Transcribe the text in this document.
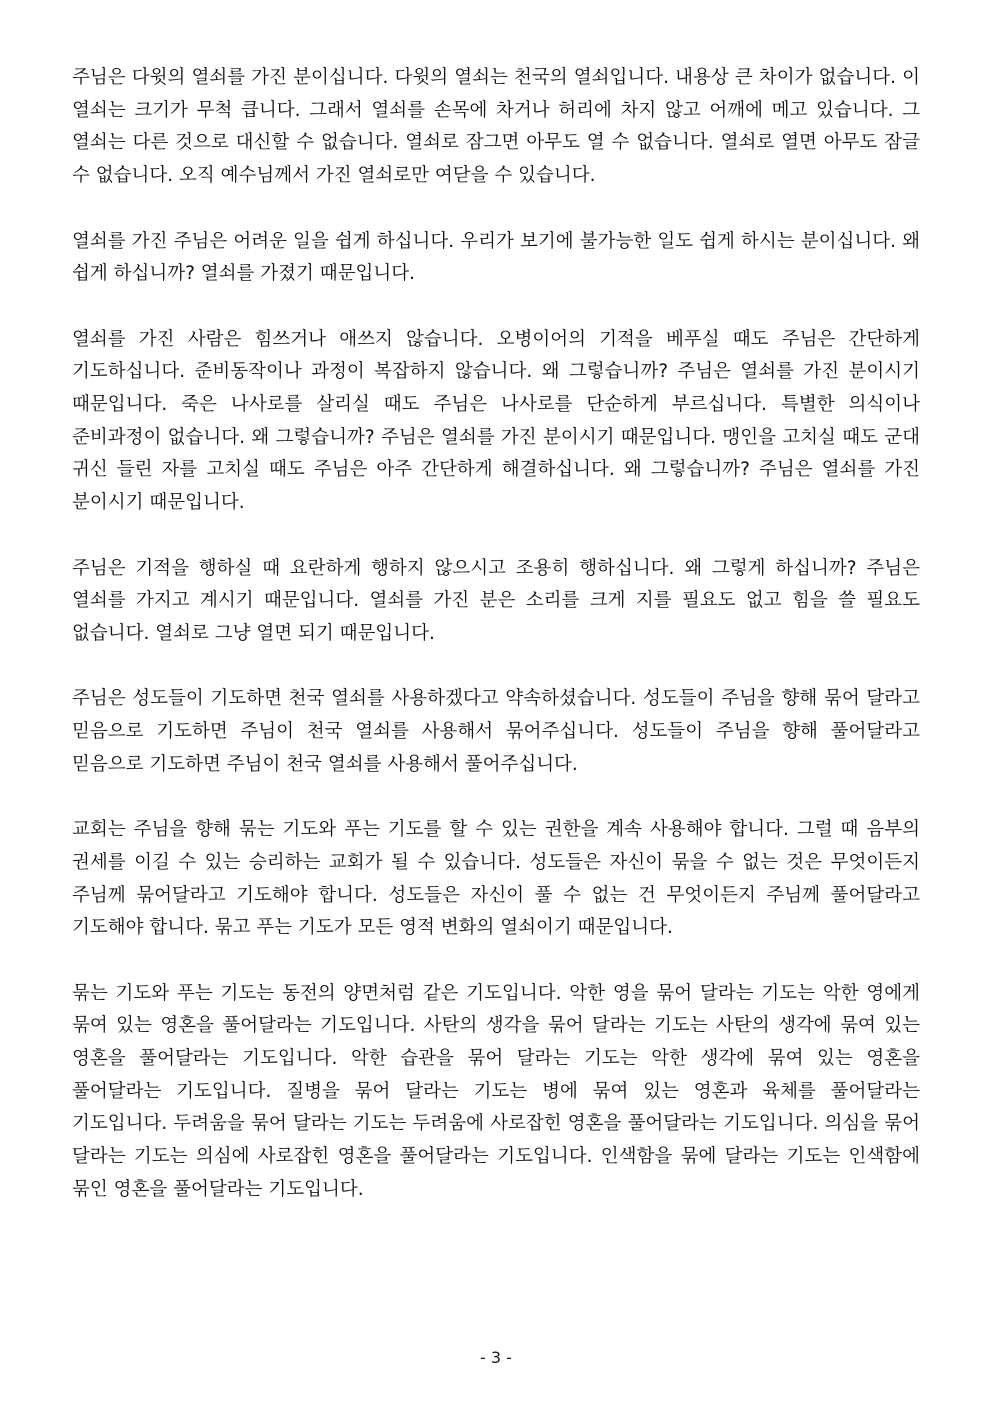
주님은 다윗의 열쇠를 가진 분이십니다. 다윗의 열쇠는 천국의 열쇠입니다. 내용상 큰 차이가 없습니다. 이 열쇠는 크기가 무척 큽니다. 그래서 열쇠를 손목에 차거나 허리에 차지 않고 어깨에 메고 있습니다. 그 열쇠는 다른 것으로 대신할 수 없습니다. 열쇠로 잠그면 아무도 열 수 없습니다. 열쇠로 열면 아무도 잠글 수 없습니다. 오직 예수님께서 가진 열쇠로만 여닫을 수 있습니다.

열쇠를 가진 주님은 어려운 일을 쉽게 하십니다. 우리가 보기에 불가능한 일도 쉽게 하시는 분이십니다. 왜 쉽게 하십니까? 열쇠를 가졌기 때문입니다.

열쇠를 가진 사람은 힘쓰거나 애쓰지 않습니다. 오병이어의 기적을 베푸실 때도 주님은 간단하게 기도하십니다. 준비동작이나 과정이 복잡하지 않습니다. 왜 그렇습니까? 주님은 열쇠를 가진 분이시기 때문입니다. 죽은 나사로를 살리실 때도 주님은 나사로를 단순하게 부르십니다. 특별한 의식이나 준비과정이 없습니다. 왜 그렇습니까? 주님은 열쇠를 가진 분이시기 때문입니다. 맹인을 고치실 때도 군대 귀신 들린 자를 고치실 때도 주님은 아주 간단하게 해결하십니다. 왜 그렇습니까? 주님은 열쇠를 가진 분이시기 때문입니다.

주님은 기적을 행하실 때 요란하게 행하지 않으시고 조용히 행하십니다. 왜 그렇게 하십니까? 주님은 열쇠를 가지고 계시기 때문입니다. 열쇠를 가진 분은 소리를 크게 지를 필요도 없고 힘을 쓸 필요도 없습니다. 열쇠로 그냥 열면 되기 때문입니다.

주님은 성도들이 기도하면 천국 열쇠를 사용하겠다고 약속하셨습니다. 성도들이 주님을 향해 묶어 달라고 믿음으로 기도하면 주님이 천국 열쇠를 사용해서 묶어주십니다. 성도들이 주님을 향해 풀어달라고 믿음으로 기도하면 주님이 천국 열쇠를 사용해서 풀어주십니다.

교회는 주님을 향해 묶는 기도와 푸는 기도를 할 수 있는 권한을 계속 사용해야 합니다. 그럴 때 음부의 권세를 이길 수 있는 승리하는 교회가 될 수 있습니다. 성도들은 자신이 묶을 수 없는 것은 무엇이든지 주님께 묶어달라고 기도해야 합니다. 성도들은 자신이 풀 수 없는 건 무엇이든지 주님께 풀어달라고 기도해야 합니다. 묶고 푸는 기도가 모든 영적 변화의 열쇠이기 때문입니다.

묶는 기도와 푸는 기도는 동전의 양면처럼 같은 기도입니다. 악한 영을 묶어 달라는 기도는 악한 영에게 묶여 있는 영혼을 풀어달라는 기도입니다. 사탄의 생각을 묶어 달라는 기도는 사탄의 생각에 묶여 있는 영혼을 풀어달라는 기도입니다. 악한 습관을 묶어 달라는 기도는 악한 생각에 묶여 있는 영혼을 풀어달라는 기도입니다. 질병을 묶어 달라는 기도는 병에 묶여 있는 영혼과 육체를 풀어달라는 기도입니다. 두려움을 묶어 달라는 기도는 두려움에 사로잡힌 영혼을 풀어달라는 기도입니다. 의심을 묶어 달라는 기도는 의심에 사로잡힌 영혼을 풀어달라는 기도입니다. 인색함을 묶에 달라는 기도는 인색함에 묶인 영혼을 풀어달라는 기도입니다.

- 3 -
